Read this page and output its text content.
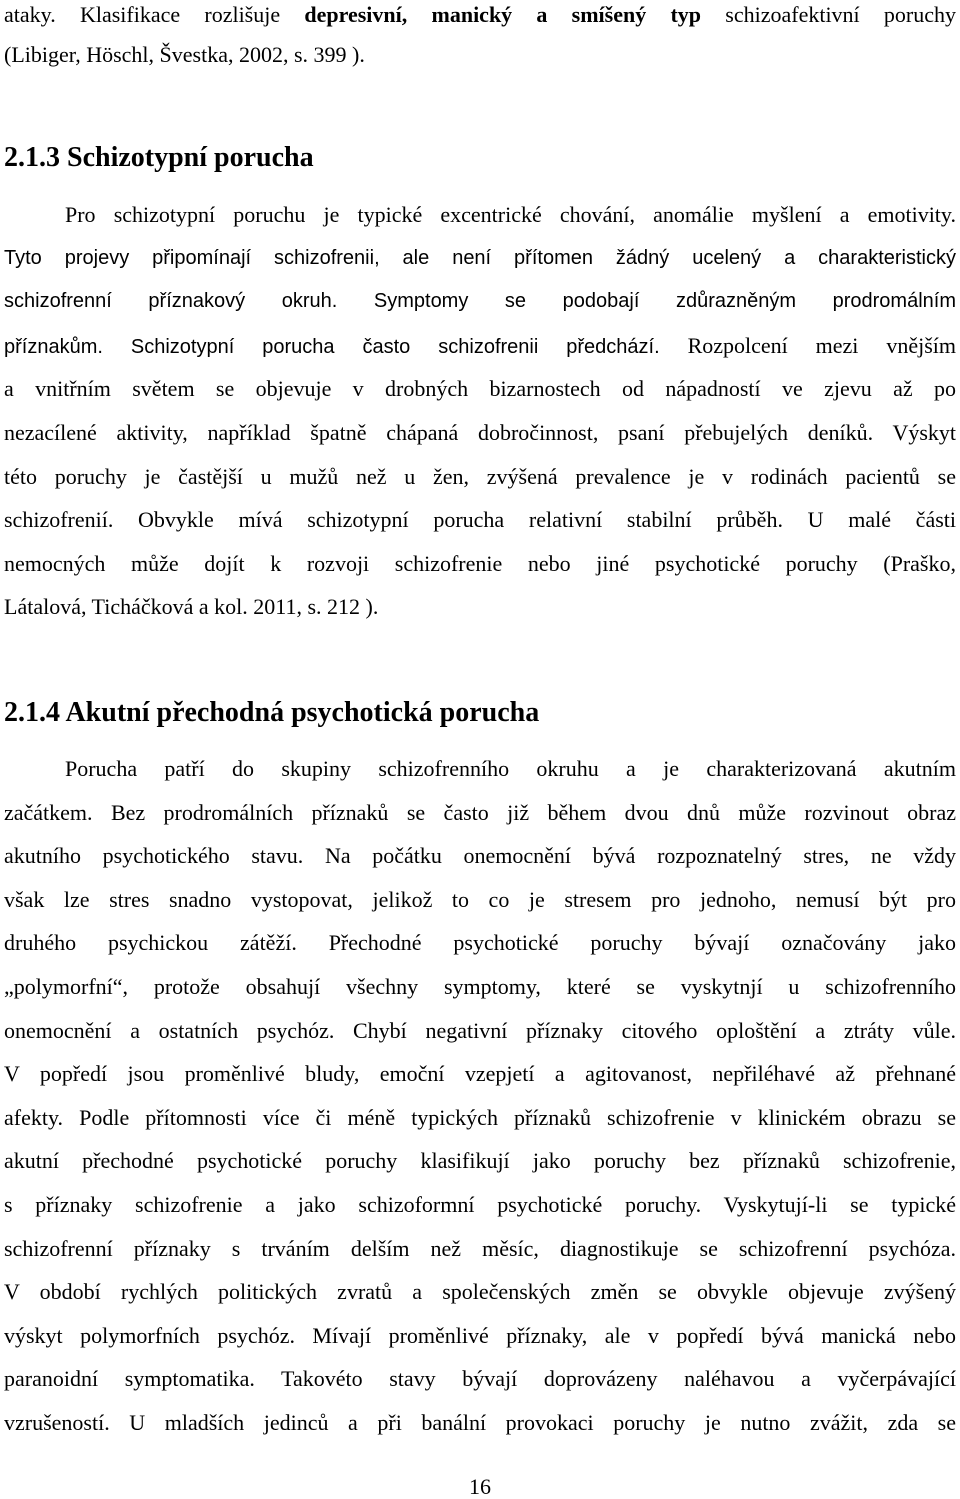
ataky. Klasifikace rozlišuje depresivní, manický a smíšený typ schizoafektivní poruchy
(Libiger, Höschl, Švestka, 2002, s. 399 ).
2.1.3 Schizotypní porucha
Pro schizotypní poruchu je typické excentrické chování, anomálie myšlení a emotivity.
Tyto projevy připomínají schizofrenii, ale není přítomen žádný ucelený a charakteristický
schizofrenní příznakový okruh. Symptomy se podobají zdůrazněným prodromálním
příznakům. Schizotypní porucha často schizofrenii předchází. Rozpolcení mezi vnějším
a vnitřním světem se objevuje v drobných bizarnostech od nápadností ve zjevu až po
nezacílené aktivity, například špatně chápaná dobročinnost, psaní přebujelých deníků. Výskyt
této poruchy je častější u mužů než u žen, zvýšená prevalence je v rodinách pacientů se
schizofrenií. Obvykle mívá schizotypní porucha relativní stabilní průběh. U malé části
nemocných může dojít k rozvoji schizofrenie nebo jiné psychotické poruchy (Praško,
Látalová, Ticháčková a kol. 2011, s. 212 ).
2.1.4 Akutní přechodná psychotická porucha
Porucha patří do skupiny schizofrenního okruhu a je charakterizovaná akutním
začátkem. Bez prodromálních příznaků se často již během dvou dnů může rozvinout obraz
akutního psychotického stavu. Na počátku onemocnění bývá rozpoznatelný stres, ne vždy
však lze stres snadno vystopovat, jelikož to co je stresem pro jednoho, nemusí být pro
druhého psychickou zátěží. Přechodné psychotické poruchy bývají označovány jako
„polymorfní“, protože obsahují všechny symptomy, které se vyskytnjí u schizofrenního
onemocnění a ostatních psychóz. Chybí negativní příznaky citového oploštění a ztráty vůle.
V popředí jsou proměnlivé bludy, emoční vzepjetí a agitovanost, nepřiléhavé až přehnané
afekty. Podle přítomnosti více či méně typických příznaků schizofrenie v klinickém obrazu se
akutní přechodné psychotické poruchy klasifikují jako poruchy bez příznaků schizofrenie,
s příznaky schizofrenie a jako schizoformní psychotické poruchy. Vyskytují-li se typické
schizofrenní příznaky s trváním delším než měsíc, diagnostikuje se schizofrenní psychóza.
V období rychlých politických zvratů a společenských změn se obvykle objevuje zvýšený
výskyt polymorfních psychóz. Mívají proměnlivé příznaky, ale v popředí bývá manická nebo
paranoidní symptomatika. Takovéto stavy bývají doprovázeny naléhavou a vyčerpávající
vzrušeností. U mladších jedinců a při banální provokaci poruchy je nutno zvážit, zda se
16
